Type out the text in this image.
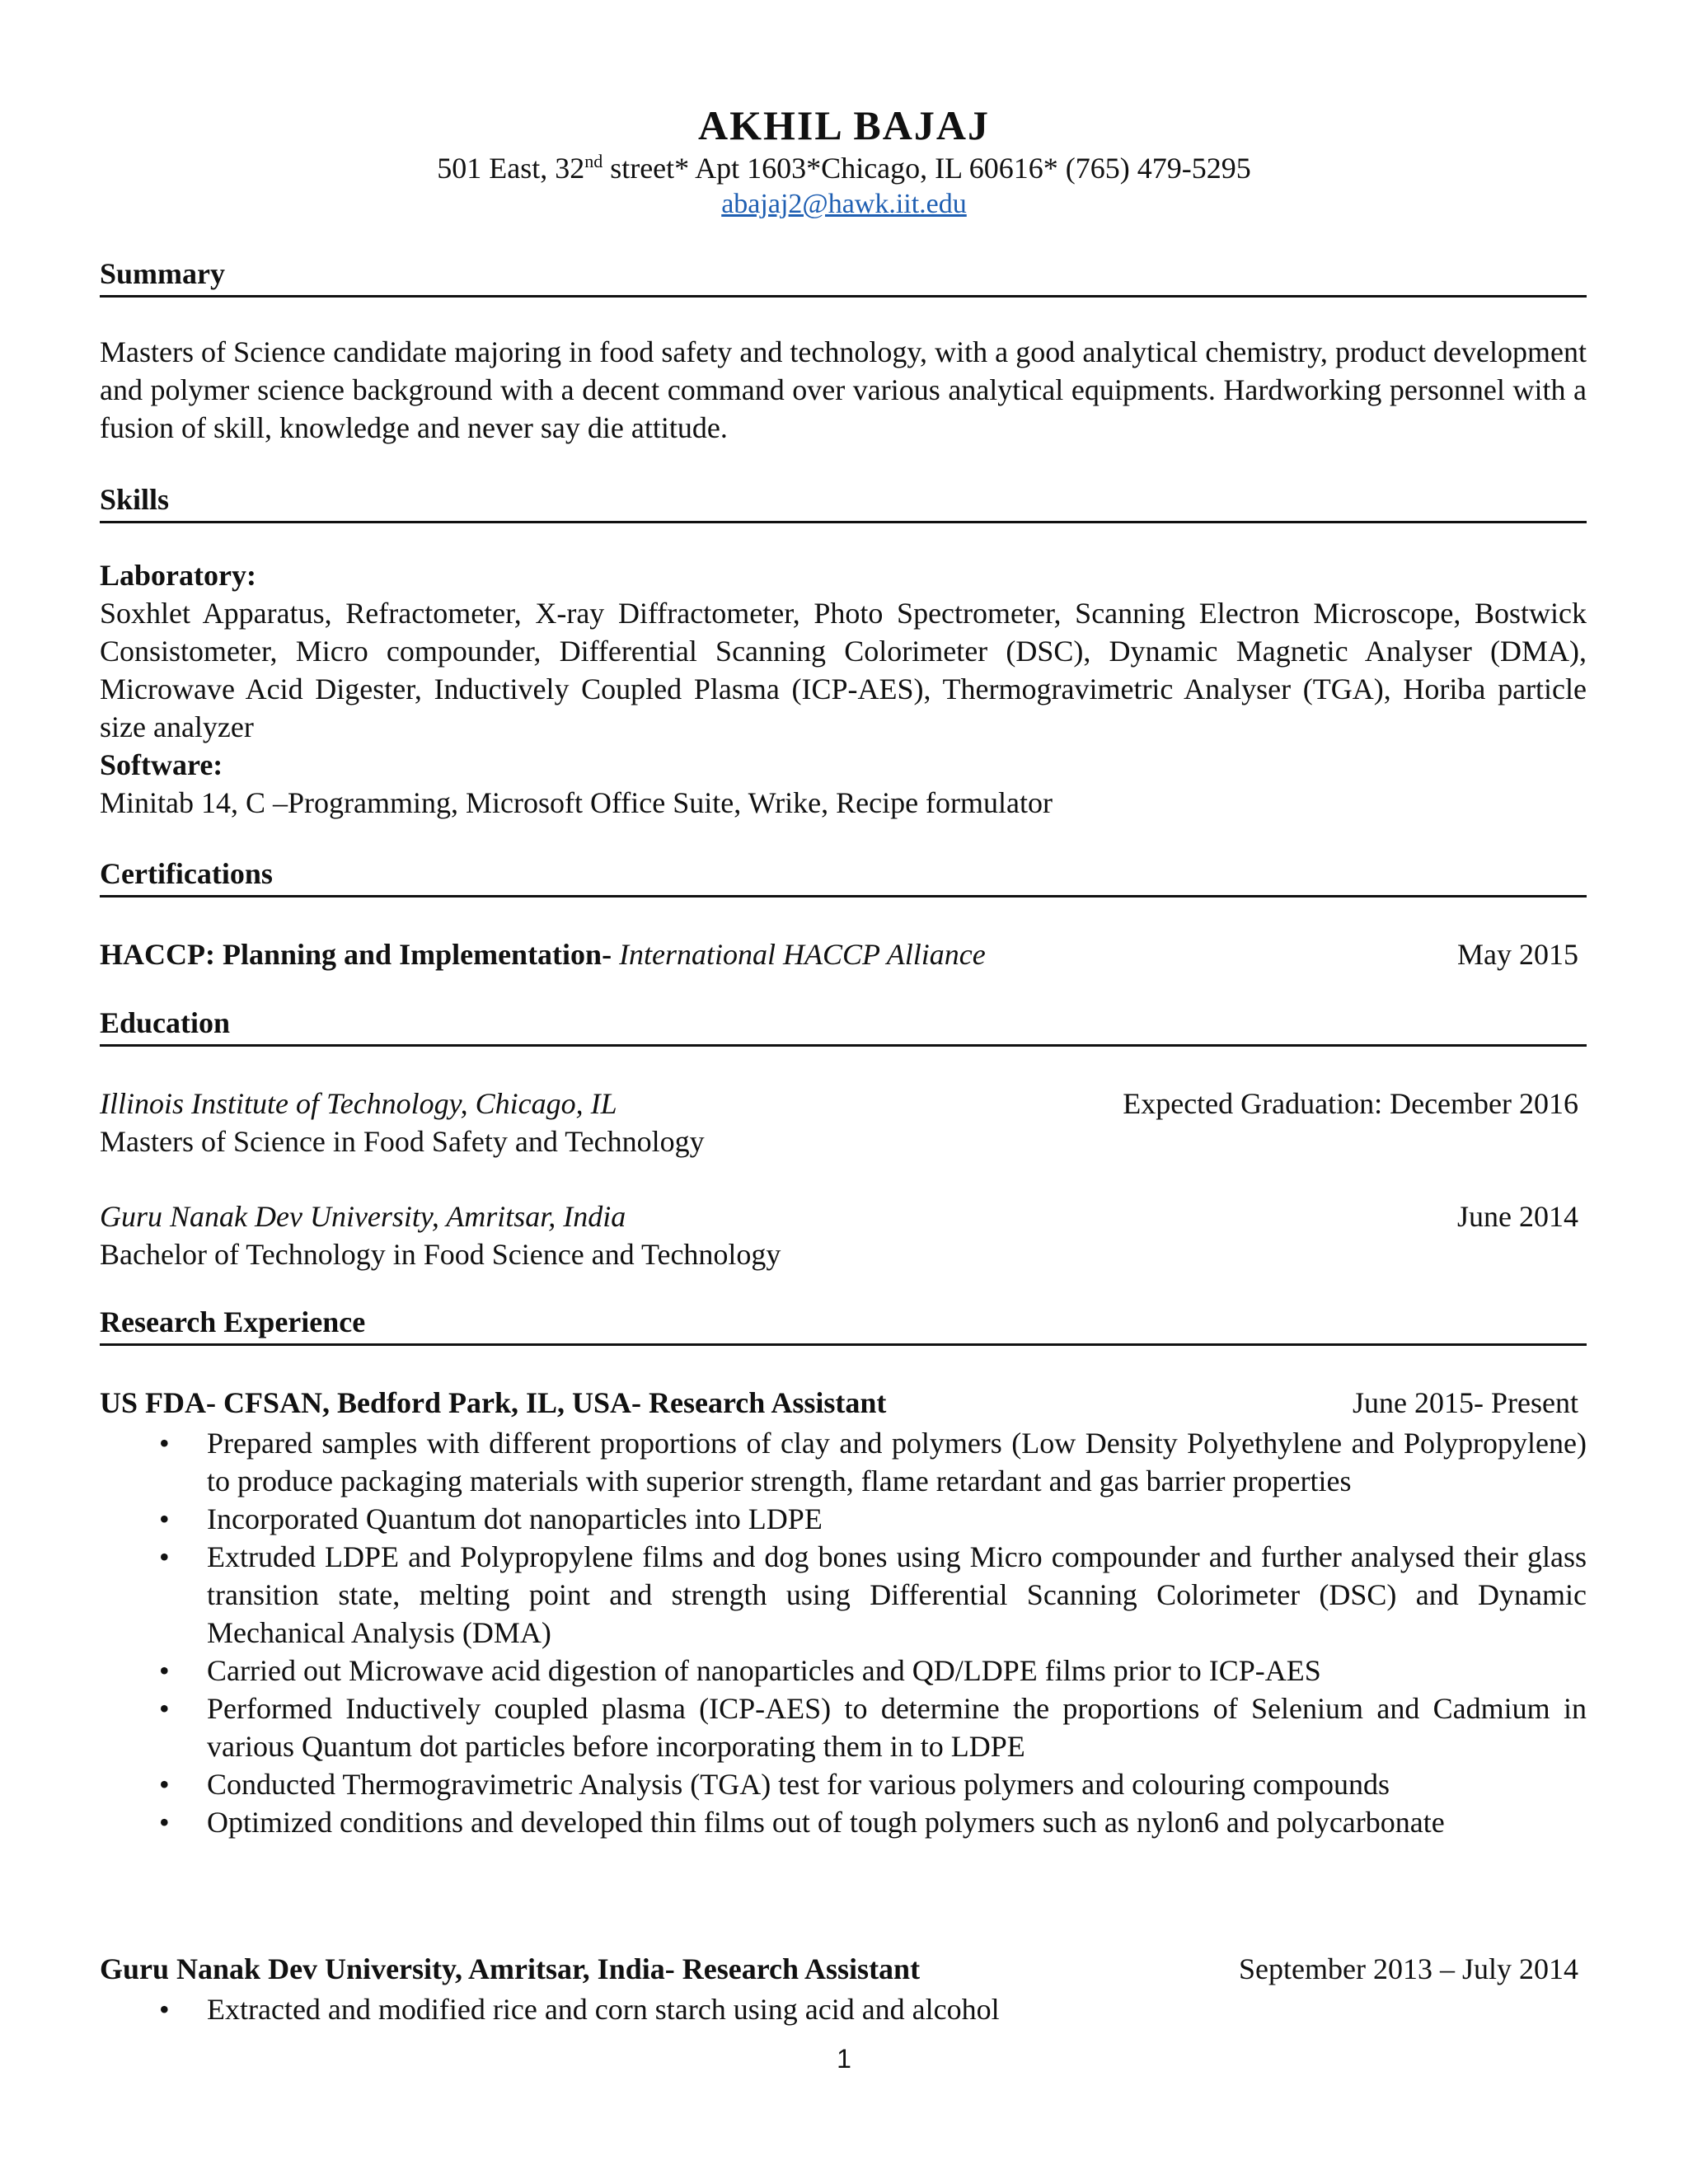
AKHIL BAJAJ
501 East, 32nd street* Apt 1603*Chicago, IL 60616* (765) 479-5295
abajaj2@hawk.iit.edu
Summary
Masters of Science candidate majoring in food safety and technology, with a good analytical chemistry, product development and polymer science background with a decent command over various analytical equipments. Hardworking personnel with a fusion of skill, knowledge and never say die attitude.
Skills
Laboratory:
Soxhlet Apparatus, Refractometer, X-ray Diffractometer, Photo Spectrometer, Scanning Electron Microscope, Bostwick Consistometer, Micro compounder, Differential Scanning Colorimeter (DSC), Dynamic Magnetic Analyser (DMA), Microwave Acid Digester, Inductively Coupled Plasma (ICP-AES), Thermogravimetric Analyser (TGA), Horiba particle size analyzer
Software:
Minitab 14, C –Programming, Microsoft Office Suite, Wrike, Recipe formulator
Certifications
HACCP: Planning and Implementation- International HACCP Alliance	May 2015
Education
Illinois Institute of Technology, Chicago, IL	Expected Graduation: December 2016
Masters of Science in Food Safety and Technology
Guru Nanak Dev University, Amritsar, India	June 2014
Bachelor of Technology in Food Science and Technology
Research Experience
US FDA- CFSAN, Bedford Park, IL, USA- Research Assistant	June 2015- Present
• Prepared samples with different proportions of clay and polymers (Low Density Polyethylene and Polypropylene) to produce packaging materials with superior strength, flame retardant and gas barrier properties
• Incorporated Quantum dot nanoparticles into LDPE
• Extruded LDPE and Polypropylene films and dog bones using Micro compounder and further analysed their glass transition state, melting point and strength using Differential Scanning Colorimeter (DSC) and Dynamic Mechanical Analysis (DMA)
• Carried out Microwave acid digestion of nanoparticles and QD/LDPE films prior to ICP-AES
• Performed Inductively coupled plasma (ICP-AES) to determine the proportions of Selenium and Cadmium in various Quantum dot particles before incorporating them in to LDPE
• Conducted Thermogravimetric Analysis (TGA) test for various polymers and colouring compounds
• Optimized conditions and developed thin films out of tough polymers such as nylon6 and polycarbonate
Guru Nanak Dev University, Amritsar, India- Research Assistant	September 2013 – July 2014
• Extracted and modified rice and corn starch using acid and alcohol
1
